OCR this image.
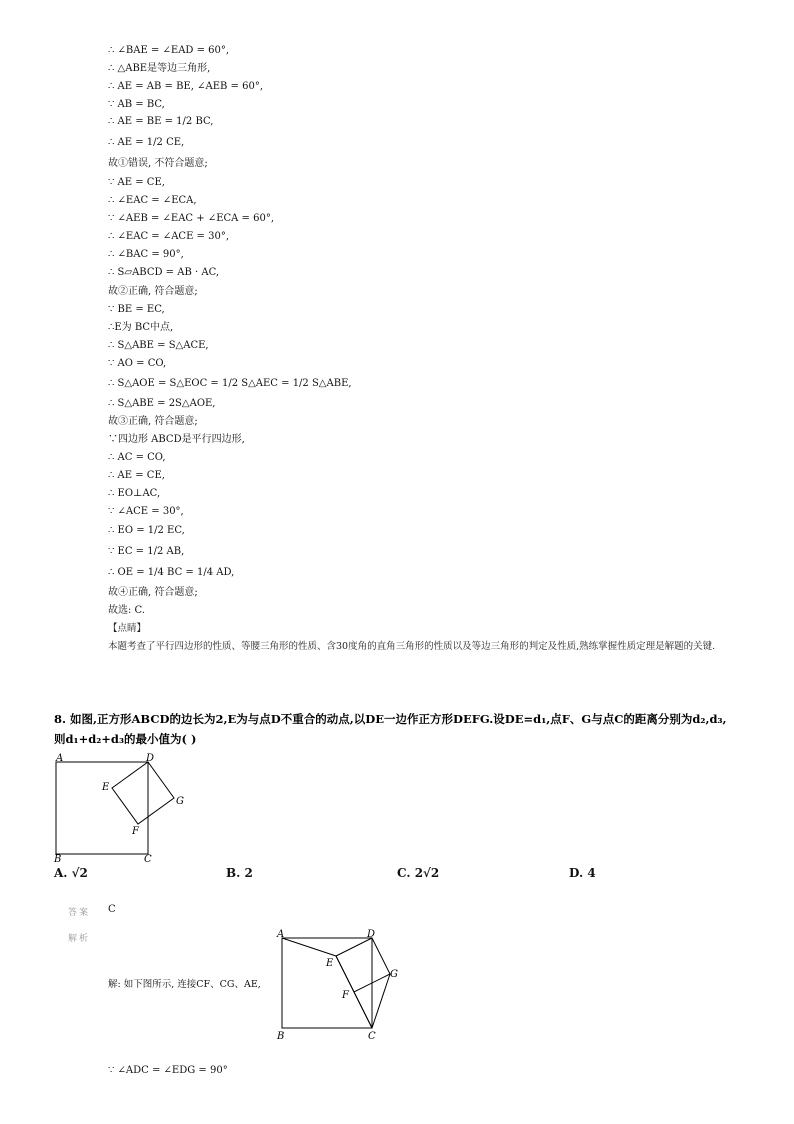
∴ ∠BAE = ∠EAD = 60°,
∴ △ABE是等边三角形,
∴ AE = AB = BE, ∠AEB = 60°,
∵ AB = BC,
∴ AE = BE = 1/2 BC,
∴ AE = 1/2 CE,
故①错误, 不符合题意;
∵ AE = CE,
∴ ∠EAC = ∠ECA,
∵ ∠AEB = ∠EAC + ∠ECA = 60°,
∴ ∠EAC = ∠ACE = 30°,
∴ ∠BAC = 90°,
∴ S▱ABCD = AB · AC,
故②正确, 符合题意;
∵ BE = EC,
∴E为 BC中点,
∴ S△ABE = S△ACE,
∵ AO = CO,
∴ S△AOE = S△EOC = 1/2 S△AEC = 1/2 S△ABE,
∴ S△ABE = 2S△AOE,
故③正确, 符合题意;
∵四边形 ABCD是平行四边形,
∴ AC = CO,
∴ AE = CE,
∴ EO⊥AC,
∵ ∠ACE = 30°,
∴ EO = 1/2 EC,
∵ EC = 1/2 AB,
∴ OE = 1/4 BC = 1/4 AD,
故④正确, 符合题意;
故选: C.
【点睛】
本题考查了平行四边形的性质、等腰三角形的性质、含30度角的直角三角形的性质以及等边三角形的判定及性质,熟练掌握性质定理是解题的关键.
8. 如图,正方形ABCD的边长为2,E为与点D不重合的动点,以DE一边作正方形DEFG.设DE=d₁,点F、G与点C的距离分别为d₂,d₃,
则d₁+d₂+d₃的最小值为( )
A	D
E
G
F
B	C
A. √2	B. 2	C. 2√2	D. 4
答案 C
解析
解: 如下图所示, 连接CF、CG、AE,
A	D
E
G
F
B	C
∵ ∠ADC = ∠EDG = 90°
